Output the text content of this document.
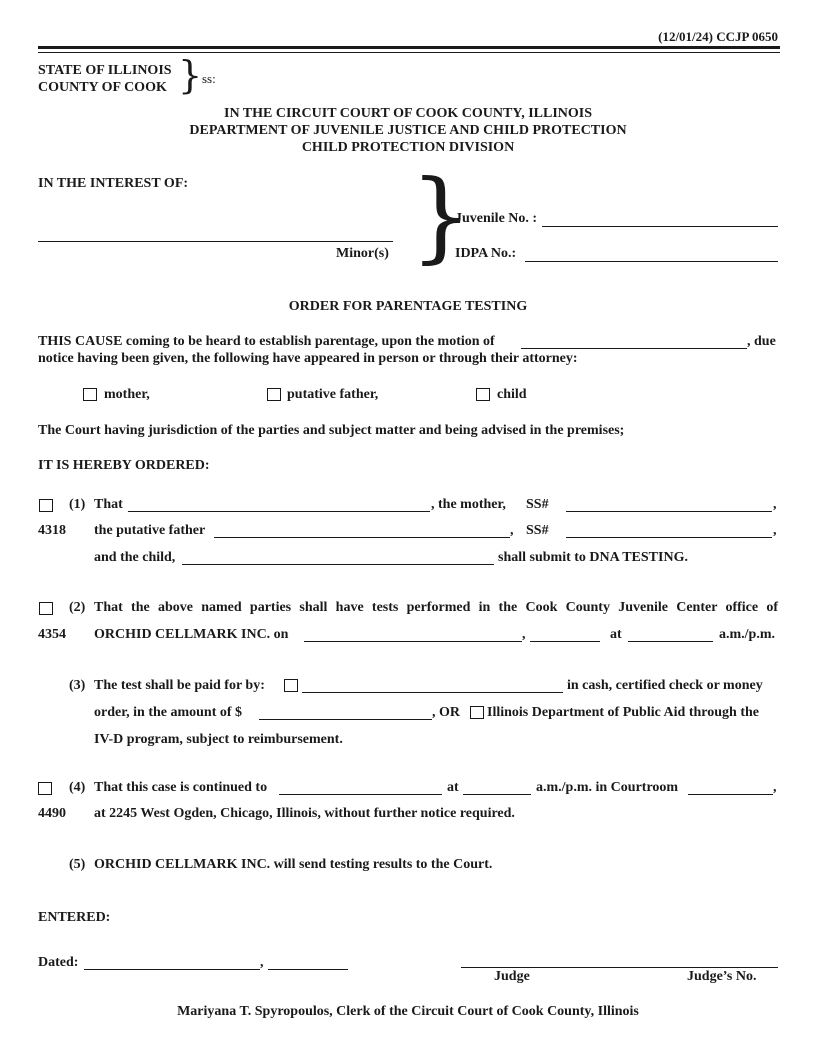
(12/01/24) CCJP 0650
STATE OF ILLINOIS
COUNTY OF COOK } ss:
IN THE CIRCUIT COURT OF COOK COUNTY, ILLINOIS
DEPARTMENT OF JUVENILE JUSTICE AND CHILD PROTECTION
CHILD PROTECTION DIVISION
IN THE INTEREST OF:
Minor(s) }
Juvenile No. :
IDPA No.:
ORDER FOR PARENTAGE TESTING
THIS CAUSE coming to be heard to establish parentage, upon the motion of	, due
notice having been given, the following have appeared in person or through their attorney:
mother,	putative father,	child
The Court having jurisdiction of the parties and subject matter and being advised in the premises;
IT IS HEREBY ORDERED:
(1) That	, the mother, SS#	,
4318 the putative father	, SS#	,
and the child,	shall submit to DNA TESTING.
(2) That the above named parties shall have tests performed in the Cook County Juvenile Center office of
4354 ORCHID CELLMARK INC. on	,	at	a.m./p.m.
(3) The test shall be paid for by:	in cash, certified check or money
order, in the amount of $	, OR Illinois Department of Public Aid through the
IV-D program, subject to reimbursement.
(4) That this case is continued to	at	a.m./p.m. in Courtroom	,
4490 at 2245 West Ogden, Chicago, Illinois, without further notice required.
(5) ORCHID CELLMARK INC. will send testing results to the Court.
ENTERED:
Dated:	,
Judge	Judge’s No.
Mariyana T. Spyropoulos, Clerk of the Circuit Court of Cook County, Illinois
